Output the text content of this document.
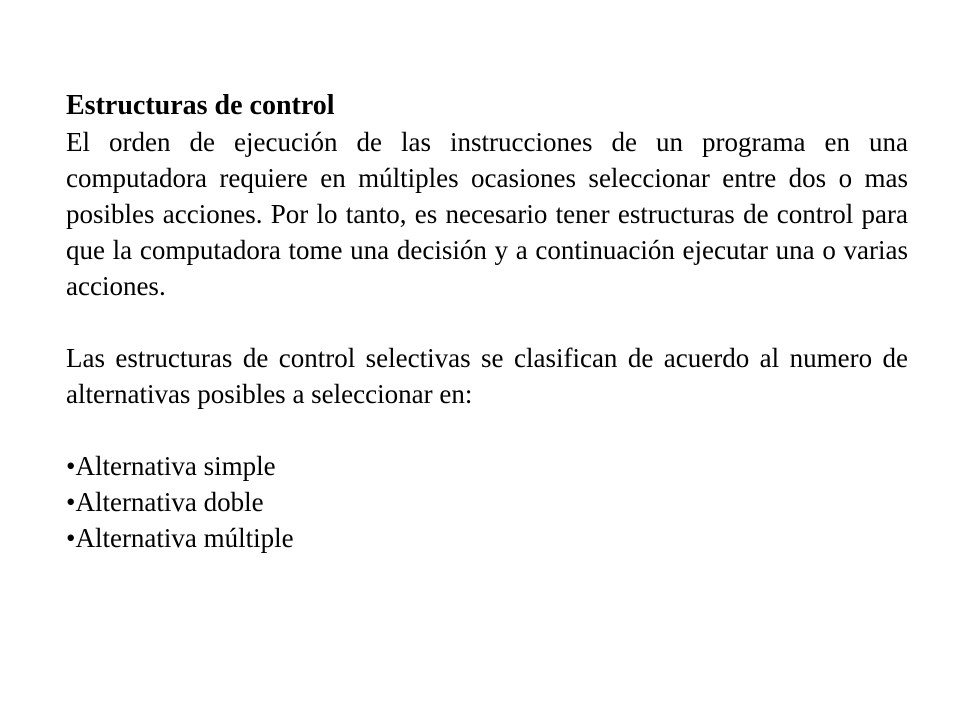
Estructuras de control

El orden de ejecución de las instrucciones de un programa en una computadora requiere en múltiples ocasiones seleccionar entre dos o mas posibles acciones. Por lo tanto, es necesario tener estructuras de control para que la computadora tome una decisión y a continuación ejecutar una o varias acciones.

Las estructuras de control selectivas se clasifican de acuerdo al numero de alternativas posibles a seleccionar en:

•Alternativa simple
•Alternativa doble
•Alternativa múltiple
